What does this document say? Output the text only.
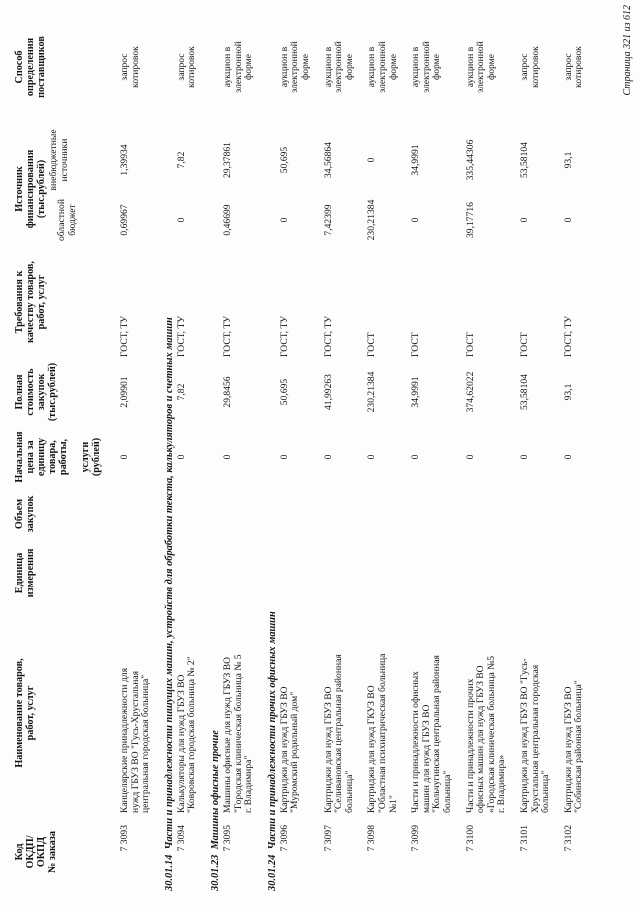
Код ОКДП/ ОКПД № заказа
Наименование товаров, работ, услуг
Единица измерения
Объем закупок
Начальная цена за единицу товара, работы,
услуги (рублей)
Полная стоимость закупок (тыс.рублей)
Требования к качеству товаров, работ, услуг
Источник финансирования (тыс.рублей)
областной бюджет
внебюджетные источники
Способ определения поставщиков
7 3093
Канцелярские принадлежности для нужд ГБУЗ ВО "Гусь-Хрустальная центральная городская больница"
0
2,09901
ГОСТ, ТУ
0,69967
1,39934
запрос котировок
30.01.14  Части и принадлежности пишущих машин, устройств для обработки текста, калькуляторов и счетных машин 7 3094
Калькуляторы для нужд ГБУЗ ВО "Ковровская городская больница № 2"
0
7,82
ГОСТ, ТУ
0
7,82
запрос котировок
30.01.23  Машины офисные прочие 7 3095
Машины офисные для нужд ГБУЗ ВО "Городская клиническая больница № 5 г. Владимира"
0
29,8456
ГОСТ, ТУ
0,46699
29,37861
аукцион в электронной форме
30.01.24  Части и принадлежности прочих офисных машин 7 3096
Картриджи для нужд ГБУЗ ВО "Муромский родильный дом"
0
50,695
ГОСТ, ТУ
0
50,695
аукцион в электронной форме
7 3097
Картриджи для нужд ГБУЗ ВО "Селивановская центральная районная больница"
0
41,99263
ГОСТ, ТУ
7,42399
34,56864
аукцион в электронной форме
7 3098
Картриджи для нужд ГКУЗ ВО "Областная психиатрическая больница №1"
0
230,21384
ГОСТ
230,21384
0
аукцион в электронной форме
7 3099
Части и принадлежности офисных машин для нужд ГБУЗ ВО "Кольчугинская центральная районная больница"
0
34,9991
ГОСТ
0
34,9991
аукцион в электронной форме
7 3100
Части и принадлежности прочих офисных машин для нужд ГБУЗ ВО «Городская клиническая больница №5 г. Владимира»
0
374,62022
ГОСТ
39,17716
335,44306
аукцион в электронной форме
7 3101
Картриджи для нужд ГБУЗ ВО "Гусь- Хрустальная центральная городская больница"
0
53,58104
ГОСТ
0
53,58104
запрос котировок
7 3102
Картриджи для нужд ГБУЗ ВО "Собинская районная больница"
0
93,1
ГОСТ, ТУ
0
93,1
запрос котировок	Страница 321 из 612
